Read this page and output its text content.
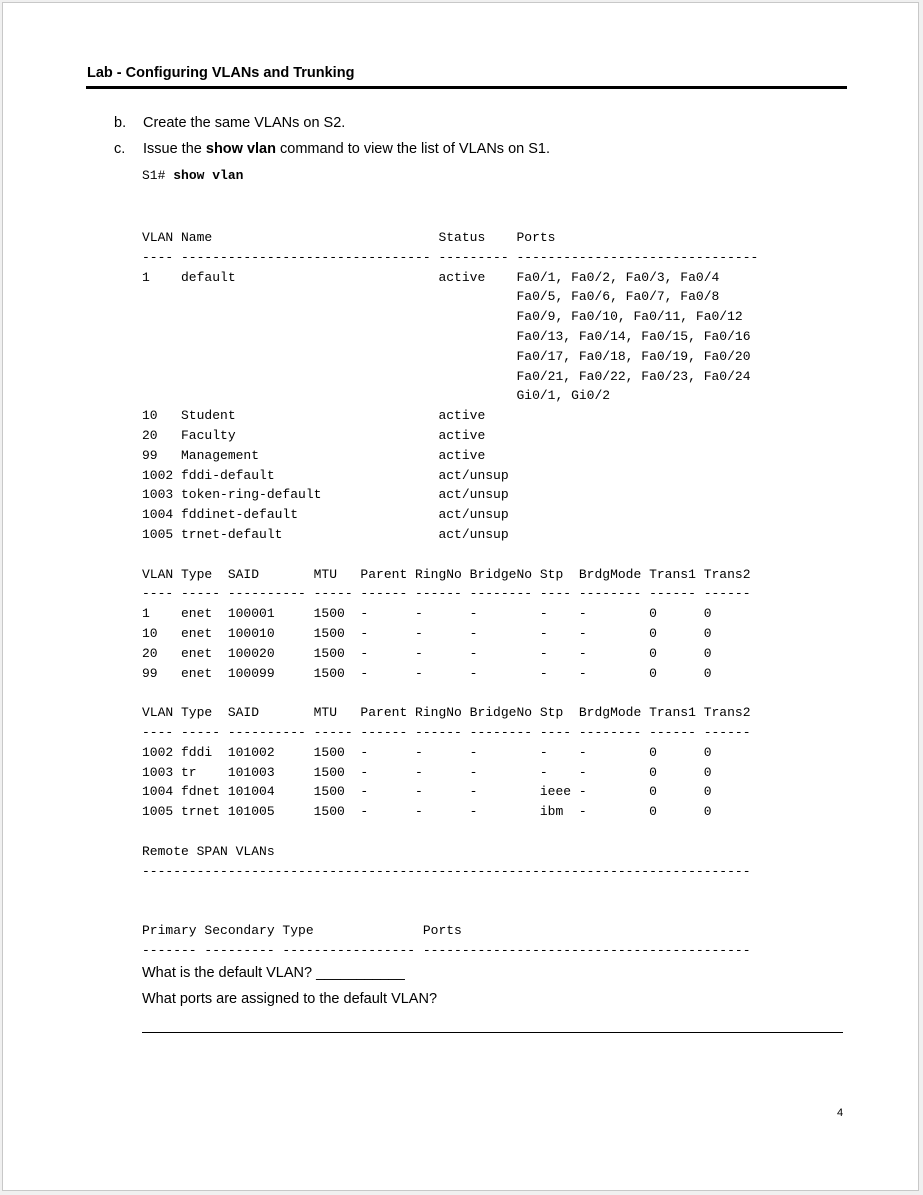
Lab - Configuring VLANs and Trunking
b. Create the same VLANs on S2.
c. Issue the show vlan command to view the list of VLANs on S1.
S1# show vlan
VLAN Name                             Status    Ports
---- -------------------------------- --------- -------------------------------
1    default                          active    Fa0/1, Fa0/2, Fa0/3, Fa0/4
Fa0/5, Fa0/6, Fa0/7, Fa0/8
Fa0/9, Fa0/10, Fa0/11, Fa0/12
Fa0/13, Fa0/14, Fa0/15, Fa0/16
Fa0/17, Fa0/18, Fa0/19, Fa0/20
Fa0/21, Fa0/22, Fa0/23, Fa0/24
Gi0/1, Gi0/2
10   Student                          active
20   Faculty                          active
99   Management                       active
1002 fddi-default                     act/unsup
1003 token-ring-default               act/unsup
1004 fddinet-default                  act/unsup
1005 trnet-default                    act/unsup

VLAN Type  SAID       MTU   Parent RingNo BridgeNo Stp  BrdgMode Trans1 Trans2
---- ----- ---------- ----- ------ ------ -------- ---- -------- ------ ------
1    enet  100001     1500  -      -      -        -    -        0      0
10   enet  100010     1500  -      -      -        -    -        0      0
20   enet  100020     1500  -      -      -        -    -        0      0
99   enet  100099     1500  -      -      -        -    -        0      0

VLAN Type  SAID       MTU   Parent RingNo BridgeNo Stp  BrdgMode Trans1 Trans2
---- ----- ---------- ----- ------ ------ -------- ---- -------- ------ ------
1002 fddi  101002     1500  -      -      -        -    -        0      0
1003 tr    101003     1500  -      -      -        -    -        0      0
1004 fdnet 101004     1500  -      -      -        ieee -        0      0
1005 trnet 101005     1500  -      -      -        ibm  -        0      0

Remote SPAN VLANs
------------------------------------------------------------------------------

Primary Secondary Type              Ports
------- --------- ----------------- ------------------------------------------
What is the default VLAN? ___________
What ports are assigned to the default VLAN?
4
